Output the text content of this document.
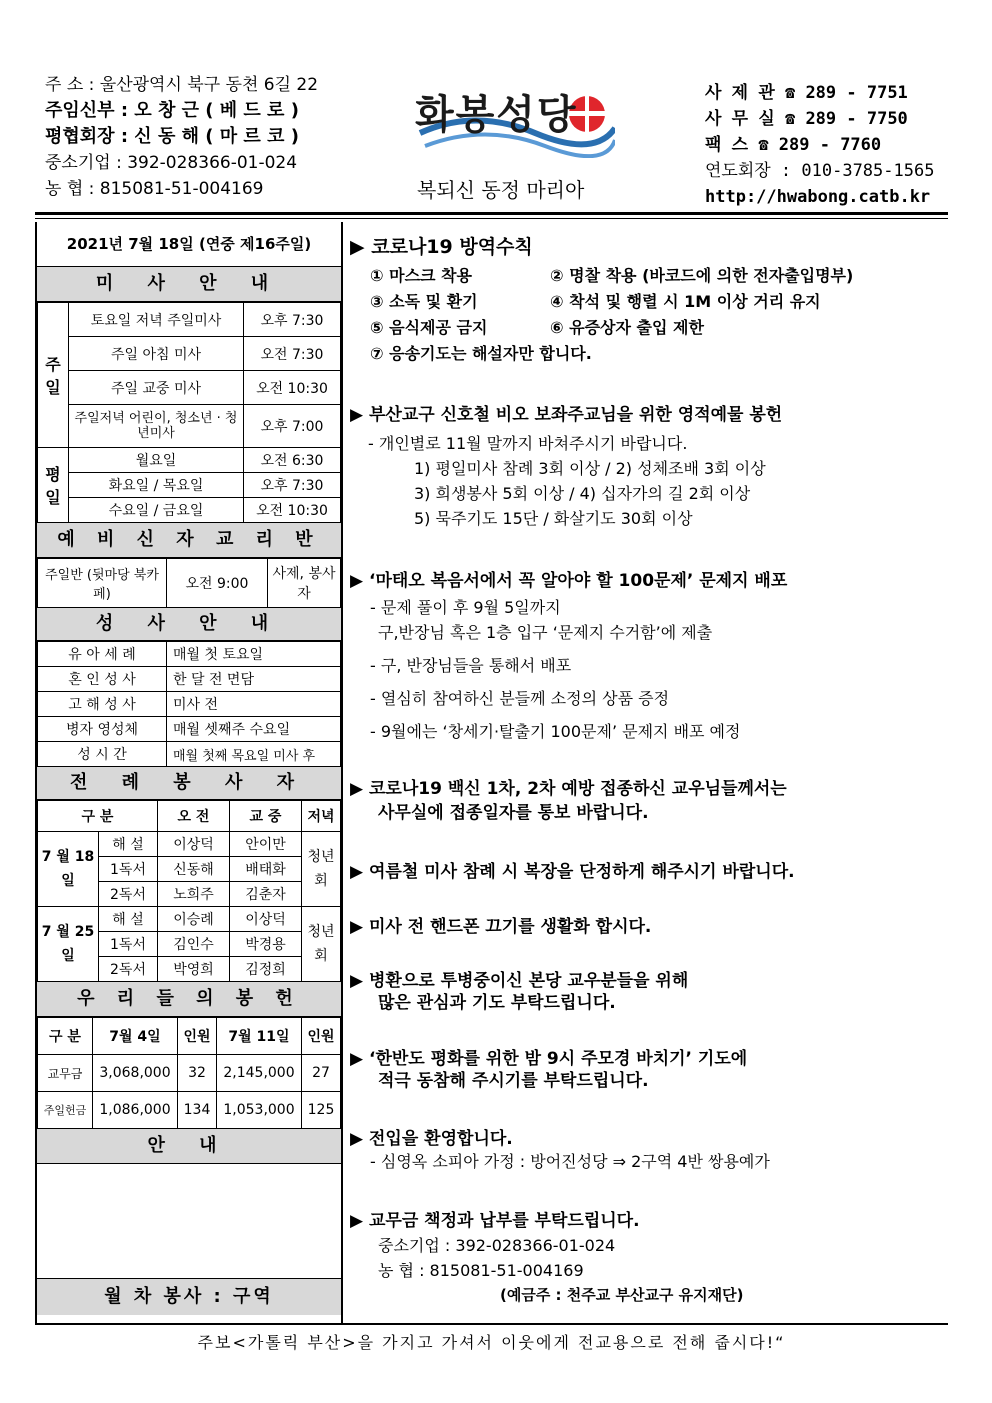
주 소 : 울산광역시 북구 동쳔 6길 22
주임신부 : 오 창 근 ( 베 드 로 )
평협회장 : 신 동 해 ( 마 르 코 )
중소기업 : 392-028366-01-024
농 협 : 815081-51-004169
화봉성당
복되신 동정 마리아
사 제 관 ☎ 289 - 7751
사 무 실 ☎ 289 - 7750
팩 스 ☎ 289 - 7760
연도회장 : 010-3785-1565
http://hwabong.catb.kr
2021년 7월 18일 (연중 제16주일)
미 사 안 내
주일	토요일 저녁 주일미사	오후 7:30
	주일 아침 미사	오전 7:30
	주일 교중 미사	오전 10:30
	주일저녁 어린이, 청소년 · 청년미사	오후 7:00
평일	월요일	오전 6:30
	화요일 / 목요일	오후 7:30
	수요일 / 금요일	오전 10:30
예 비 신 자 교 리 반
주일반 (뒷마당 북카페)	오전 9:00	사제, 봉사자
성 사 안 내
유 아 세 례	매월 첫 토요일
혼 인 성 사	한 달 전 면담
고 해 성 사	미사 전
병자 영성체	매월 셋째주 수요일
성 시 간	매월 첫째 목요일 미사 후
전 례 봉 사 자
구 분		오 전	교 중	저녁
7 월 18 일	해 설	이상덕	안이만	청년회
	1독서	신동해	배태화	
	2독서	노희주	김춘자	
7 월 25 일	해 설	이승례	이상덕	청년회
	1독서	김인수	박경용	
	2독서	박영희	김정희	
우 리 들 의 봉 헌
구 분	7월 4일	인원	7월 11일	인원
교무금	3,068,000	32	2,145,000	27
주일헌금	1,086,000	134	1,053,000	125
안 내
월 차 봉사 : 구역
▶ 코로나19 방역수칙
① 마스크 착용	② 명찰 착용 (바코드에 의한 전자출입명부)
③ 소독 및 환기	④ 착석 및 행렬 시 1M 이상 거리 유지
⑤ 음식제공 금지	⑥ 유증상자 출입 제한
⑦ 응송기도는 해설자만 합니다.
▶ 부산교구 신호철 비오 보좌주교님을 위한 영적예물 봉헌
- 개인별로 11월 말까지 바쳐주시기 바랍니다.
1) 평일미사 참례 3회 이상 / 2) 성체조배 3회 이상
3) 희생봉사 5회 이상 / 4) 십자가의 길 2회 이상
5) 묵주기도 15단 / 화살기도 30회 이상
▶ ‘마태오 복음서에서 꼭 알아야 할 100문제’ 문제지 배포
- 문제 풀이 후 9월 5일까지
구,반장님 혹은 1층 입구 ‘문제지 수거함’에 제출
- 구, 반장님들을 통해서 배포
- 열심히 참여하신 분들께 소정의 상품 증정
- 9월에는 ‘창세기·탈출기 100문제’ 문제지 배포 예정
▶ 코로나19 백신 1차, 2차 예방 접종하신 교우님들께서는
사무실에 접종일자를 통보 바랍니다.
▶ 여름철 미사 참례 시 복장을 단정하게 해주시기 바랍니다.
▶ 미사 전 핸드폰 끄기를 생활화 합시다.
▶ 병환으로 투병중이신 본당 교우분들을 위해
많은 관심과 기도 부탁드립니다.
▶ ‘한반도 평화를 위한 밤 9시 주모경 바치기’ 기도에
적극 동참해 주시기를 부탁드립니다.
▶ 전입을 환영합니다.
- 심영옥 소피아 가정 : 방어진성당 ⇒ 2구역 4반 쌍용예가
▶ 교무금 책정과 납부를 부탁드립니다.
중소기업 : 392-028366-01-024
농 협 : 815081-51-004169
(예금주 : 천주교 부산교구 유지재단)
주보<가톨릭 부산>을 가지고 가셔서 이웃에게 전교용으로 전해 줍시다!“
